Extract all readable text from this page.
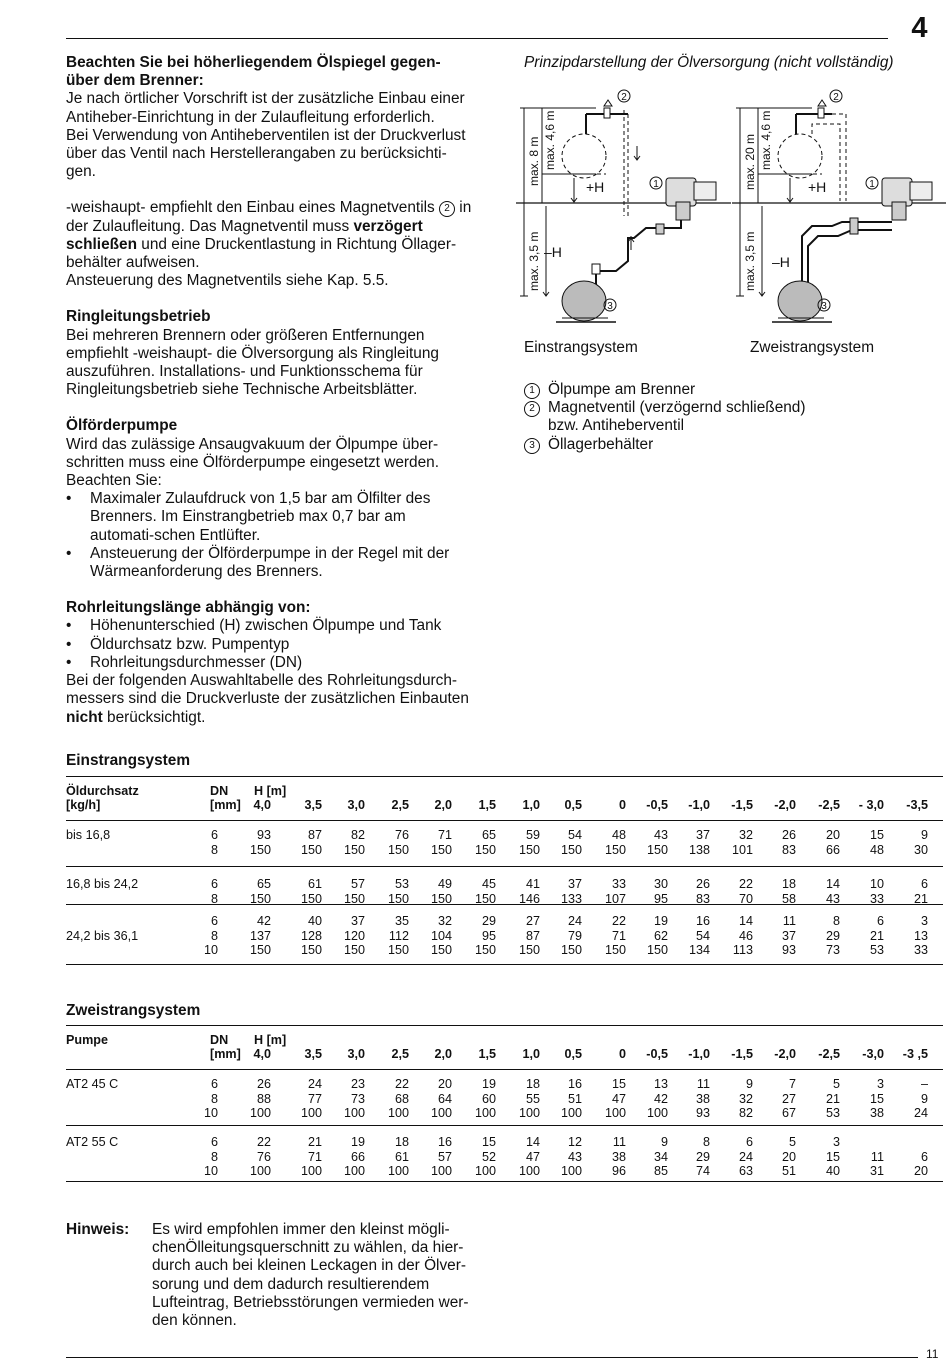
4

Beachten Sie bei höherliegendem Ölspiegel gegen-
über dem Brenner:

Je nach örtlicher Vorschrift ist der zusätzliche Einbau einer

Antiheber-Einrichtung in der Zulaufleitung erforderlich.

Bei Verwendung von Antiheberventilen ist der Druckverlust

über das Ventil nach Herstellerangaben zu berücksichti-

gen.

-weishaupt- empfiehlt den Einbau eines Magnetventils 2 in der Zulaufleitung. Das Magnetventil muss verzögert schließen und eine Druckentlastung in Richtung Öllager-behälter aufweisen.

Ansteuerung des Magnetventils siehe Kap. 5.5.

Ringleitungsbetrieb

Bei mehreren Brennern oder größeren Entfernungen

empfiehlt -weishaupt- die Ölversorgung als Ringleitung

auszuführen. Installations- und Funktionsschema für

Ringleitungsbetrieb siehe Technische Arbeitsblätter.

Ölförderpumpe

Wird das zulässige Ansaugvakuum der Ölpumpe über-

schritten muss eine Ölförderpumpe eingesetzt werden.

Beachten Sie:

• Maximaler Zulaufdruck von 1,5 bar am Ölfilter des Brenners. Im Einstrangbetrieb max 0,7 bar am automati-schen Entlüfter.
• Ansteuerung der Ölförderpumpe in der Regel mit der Wärmeanforderung des Brenners.

Rohrleitungslänge abhängig von:

• Höhenunterschied (H) zwischen Ölpumpe und Tank
• Öldurchsatz bzw. Pumpentyp
• Rohrleitungsdurchmesser (DN)

Bei der folgenden Auswahltabelle des Rohrleitungsdurch-messers sind die Druckverluste der zusätzlichen Einbauten nicht berücksichtigt.

Prinzipdarstellung der Ölversorgung (nicht vollständig)
max. 8 m max. 4,6 m
max. 3,5 m
+H
–H
2
1
3
max. 20 m max. 4,6 m
max. 3,5 m
+H
–H
2
1
3
Einstrangsystem	Zweistrangsystem
1 Ölpumpe am Brenner
2 Magnetventil (verzögernd schließend)
bzw. Antiheberventil
3 Öllagerbehälter
Einstrangsystem
Öldurchsatz
[kg/h]
DN
[mm]
H [m]
4,0	3,5 3,0 2,5 2,0 1,5 1,0 0,5	0 -0,5 -1,0 -1,5 -2,0 -2,5 - 3,0 -3,5
bis 16,8	6	93	87 82 76 71 65 59 54 48 43 37 32 26 20 15	9
8	150 150 150 150 150 150 150 150 150 150 138 101 83 66 48 30
16,8 bis 24,2	6	65	61 57 53 49 45 41 37 33 30 26 22 18 14 10	6
8	150 150 150 150 150 150 146 133 107 95 83 70 58 43 33 21
24,2 bis 36,1
6	42	40 37 35 32 29 27 24 22 19 16 14 11	8	6	3
8	137 128 120 112 104 95 87 79 71 62 54 46 37 29 21 13
10	150 150 150 150 150 150 150 150 150 150 134 113 93 73 53 33
Zweistrangsystem
Pumpe	DN
[mm]
H [m]
4,0	3,5 3,0 2,5 2,0 1,5 1,0 0,5	0 -0,5 -1,0 -1,5 -2,0 -2,5 -3,0 -3 ,5
AT2 45 C	6	26	24 23 22 20 19 18 16 15 13 11	9	7	5	3	–
8	88	77 73 68 64 60 55 51 47 42 38 32 27 21 15	9
10	100 100 100 100 100 100 100 100 100 100 93 82 67 53 38 24
AT2 55 C	6	22	21 19 18 16 15 14 12 11	9	8	6	5	3
8	76	71 66 61 57 52 47 43 38 34 29 24 20 15 11	6
10	100 100 100 100 100 100 100 100 96 85 74 63 51 40 31 20
Hinweis: Es wird empfohlen immer den kleinst mögli-
chenÖlleitungsquerschnitt zu wählen, da hier-
durch auch bei kleinen Leckagen in der Ölver-
sorung und dem dadurch resultierendem
Lufteintrag, Betriebsstörungen vermieden wer-
den können.
11
